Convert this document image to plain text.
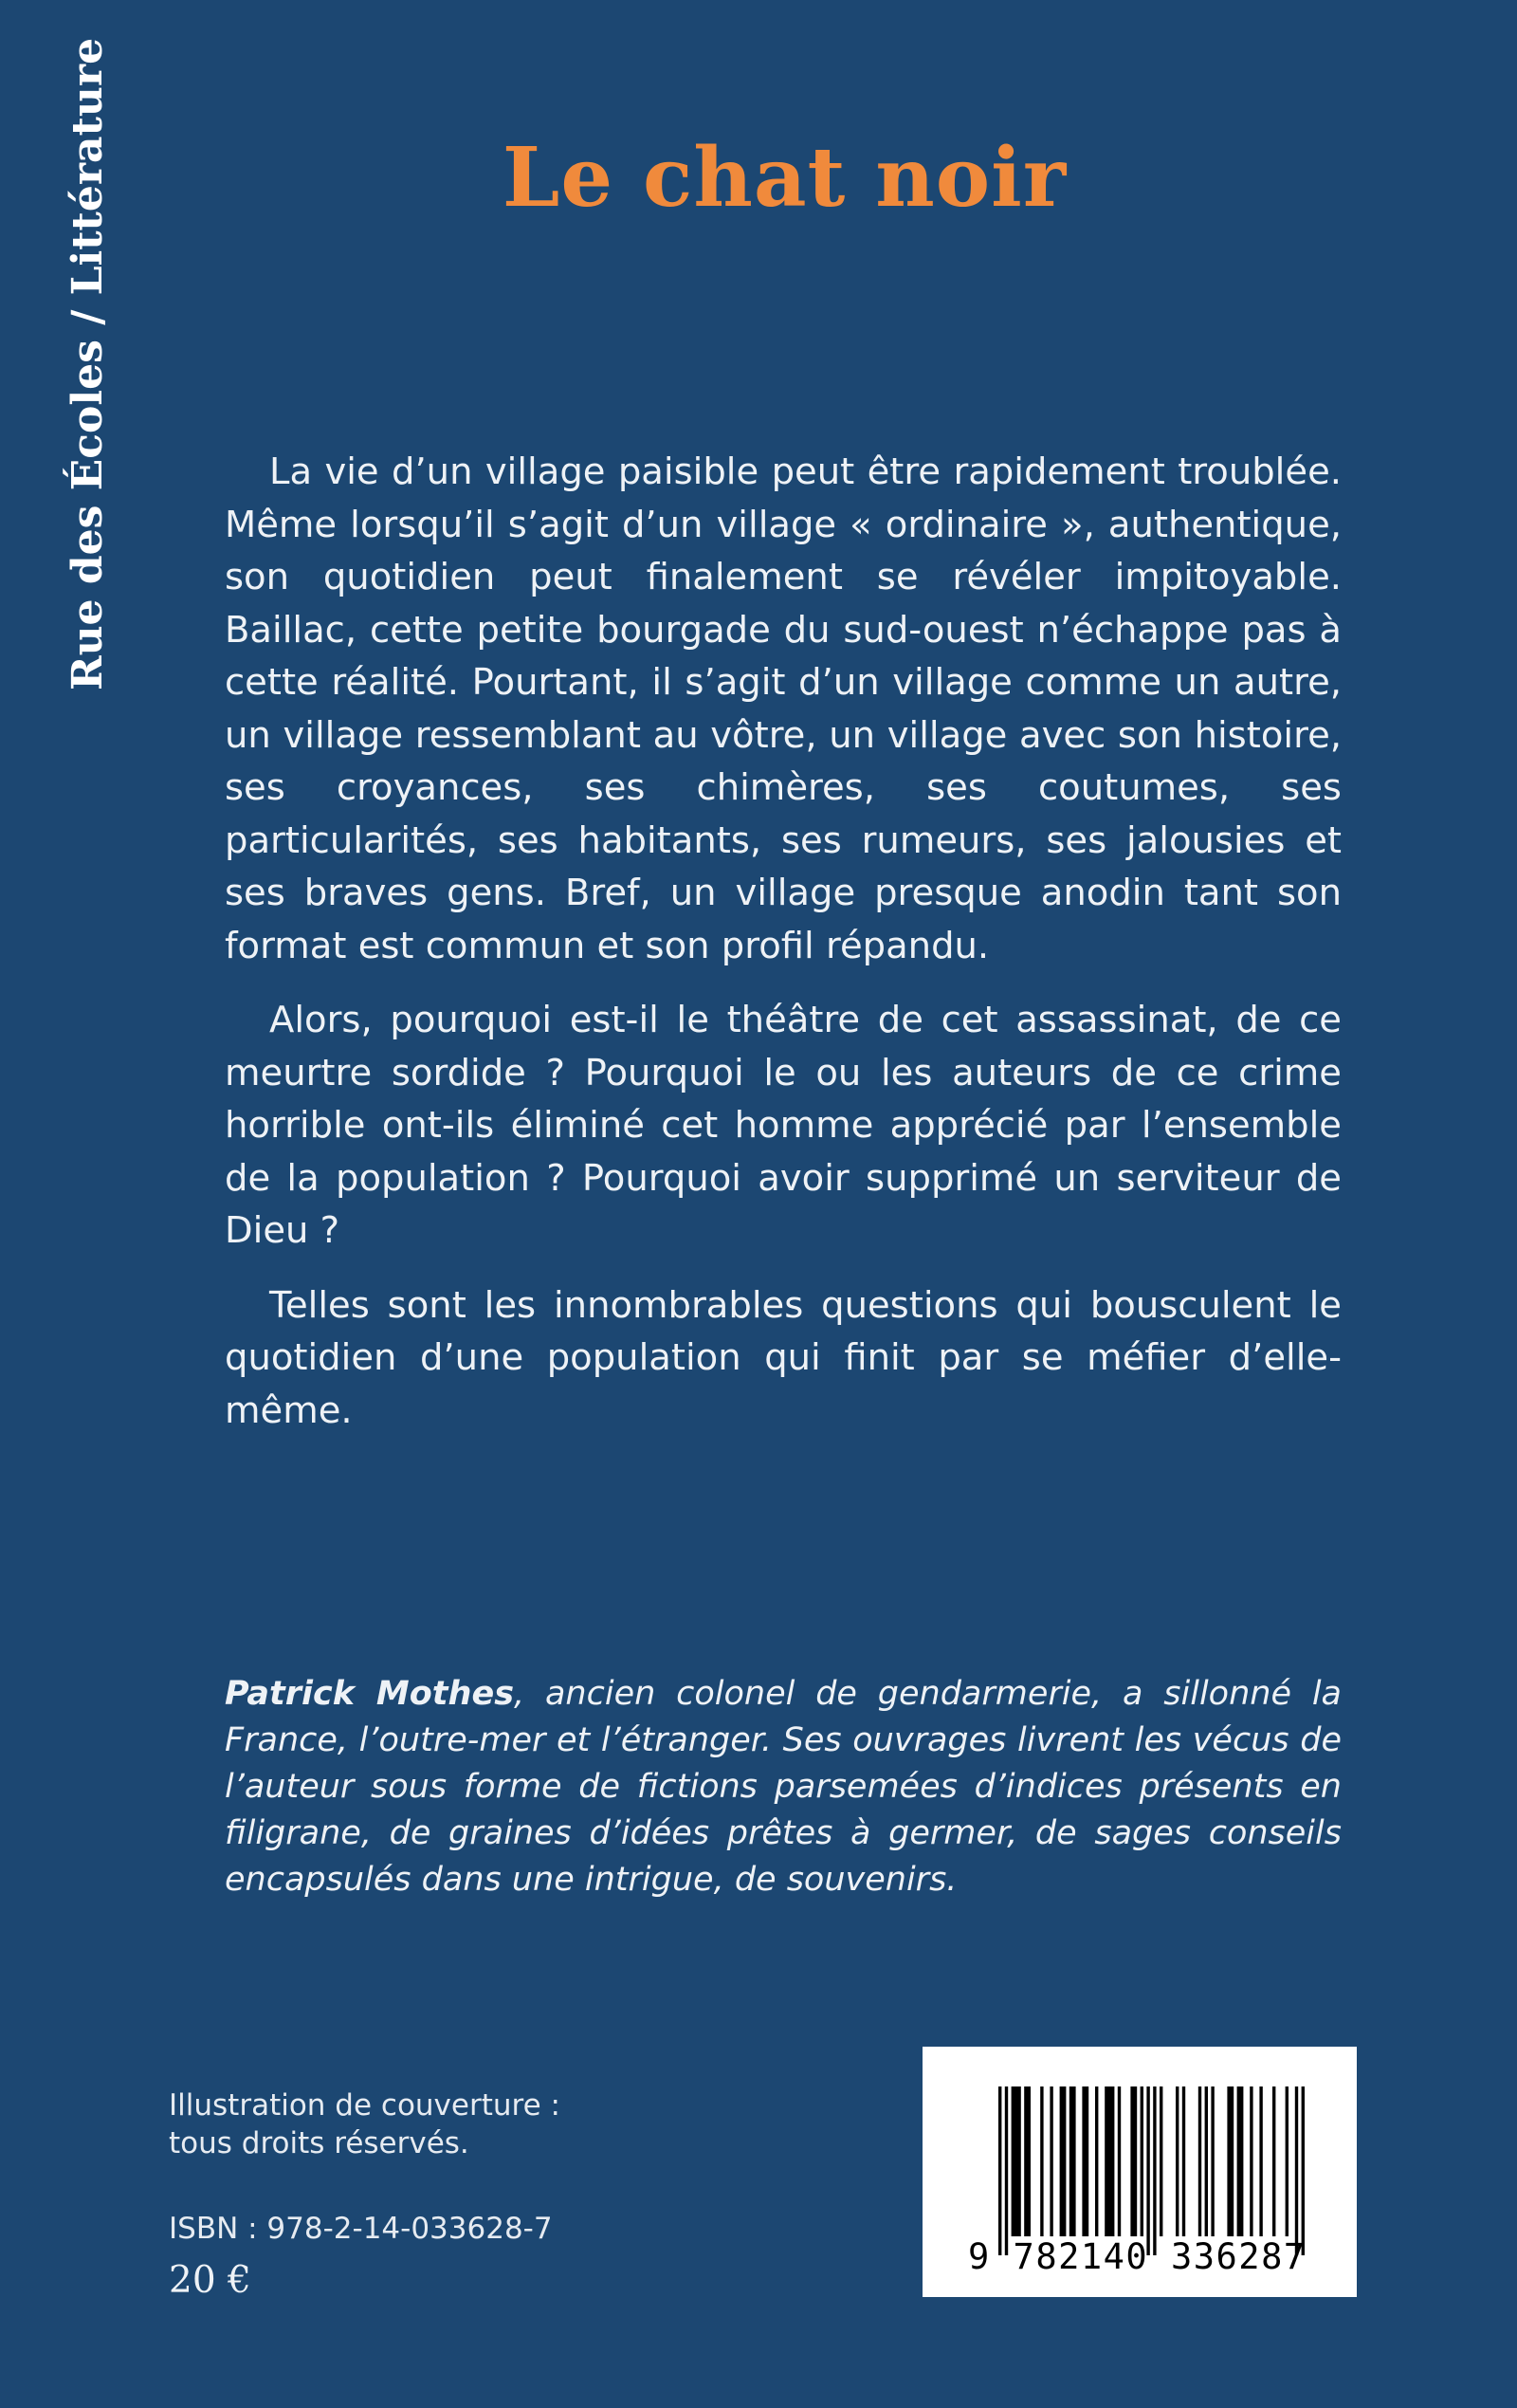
Rue des Écoles / Littérature	Le chat noir

La vie d’un village paisible peut être rapidement troublée. Même lorsqu’il s’agit d’un village « ordinaire », authentique, son quotidien peut finalement se révéler impitoyable. Baillac, cette petite bourgade du sud-ouest n’échappe pas à cette réalité. Pourtant, il s’agit d’un village comme un autre, un village ressemblant au vôtre, un village avec son histoire, ses croyances, ses chimères, ses coutumes, ses particularités, ses habitants, ses rumeurs, ses jalousies et ses braves gens. Bref, un village presque anodin tant son format est commun et son profil répandu.

Alors, pourquoi est-il le théâtre de cet assassinat, de ce meurtre sordide ? Pourquoi le ou les auteurs de ce crime horrible ont-ils éliminé cet homme apprécié par l’ensemble de la population ? Pourquoi avoir supprimé un serviteur de Dieu ?

Telles sont les innombrables questions qui bousculent le quotidien d’une population qui finit par se méfier d’elle-même.

Patrick Mothes, ancien colonel de gendarmerie, a sillonné la France, l’outre-mer et l’étranger. Ses ouvrages livrent les vécus de l’auteur sous forme de fictions parsemées d’indices présents en filigrane, de graines d’idées prêtes à germer, de sages conseils encapsulés dans une intrigue, de souvenirs.
Illustration de couverture :
tous droits réservés.
ISBN : 978-2-14-033628-7
20 €
9 782140 336287
